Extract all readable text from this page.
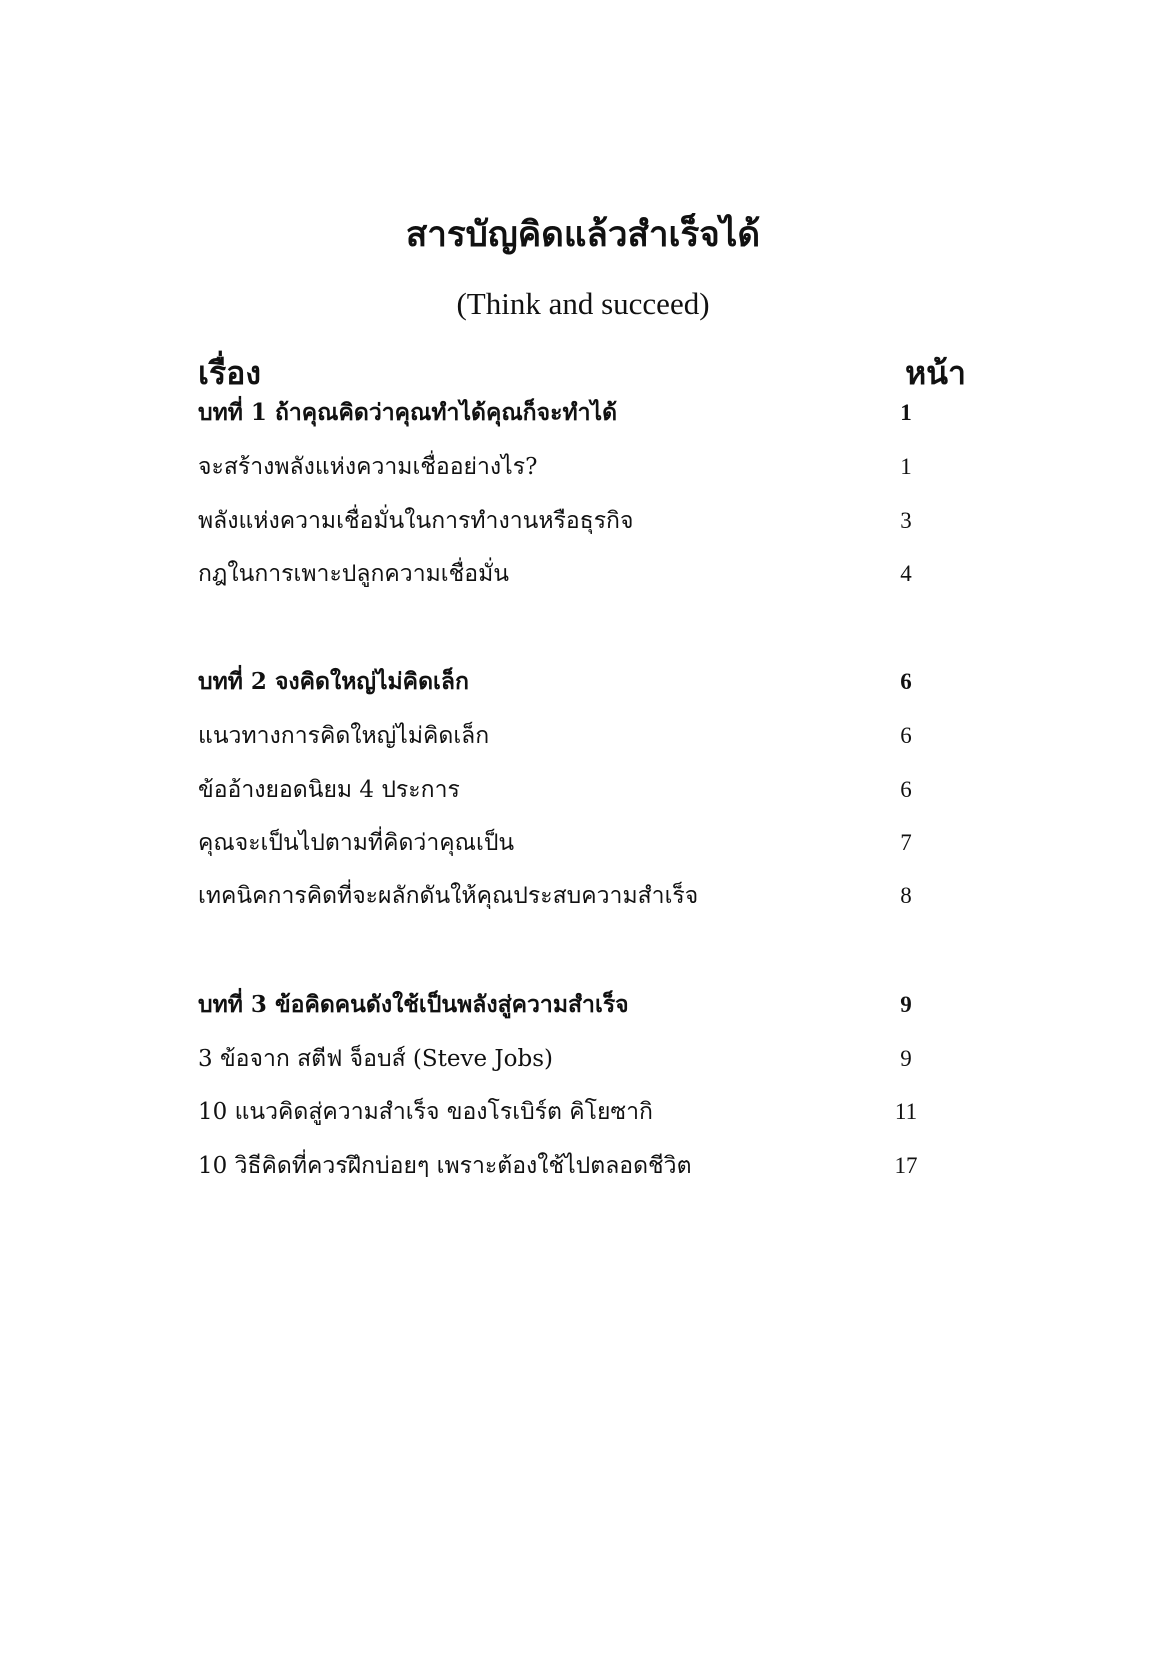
สารบัญคิดแล้วสำเร็จได้
(Think and succeed)
เรื่อง	หน้า
บทที่ 1 ถ้าคุณคิดว่าคุณทำได้คุณก็จะทำได้	1
จะสร้างพลังแห่งความเชื่ออย่างไร?	1
พลังแห่งความเชื่อมั่นในการทำงานหรือธุรกิจ	3
กฎในการเพาะปลูกความเชื่อมั่น	4
บทที่ 2 จงคิดใหญ่ไม่คิดเล็ก	6
แนวทางการคิดใหญ่ไม่คิดเล็ก	6
ข้ออ้างยอดนิยม 4 ประการ	6
คุณจะเป็นไปตามที่คิดว่าคุณเป็น	7
เทคนิคการคิดที่จะผลักดันให้คุณประสบความสำเร็จ	8
บทที่ 3 ข้อคิดคนดังใช้เป็นพลังสู่ความสำเร็จ	9
3 ข้อจาก สตีฟ จ็อบส์ (Steve Jobs)	9
10 แนวคิดสู่ความสำเร็จ ของโรเบิร์ต คิโยซากิ	11
10 วิธีคิดที่ควรฝึกบ่อยๆ เพราะต้องใช้ไปตลอดชีวิต	17
